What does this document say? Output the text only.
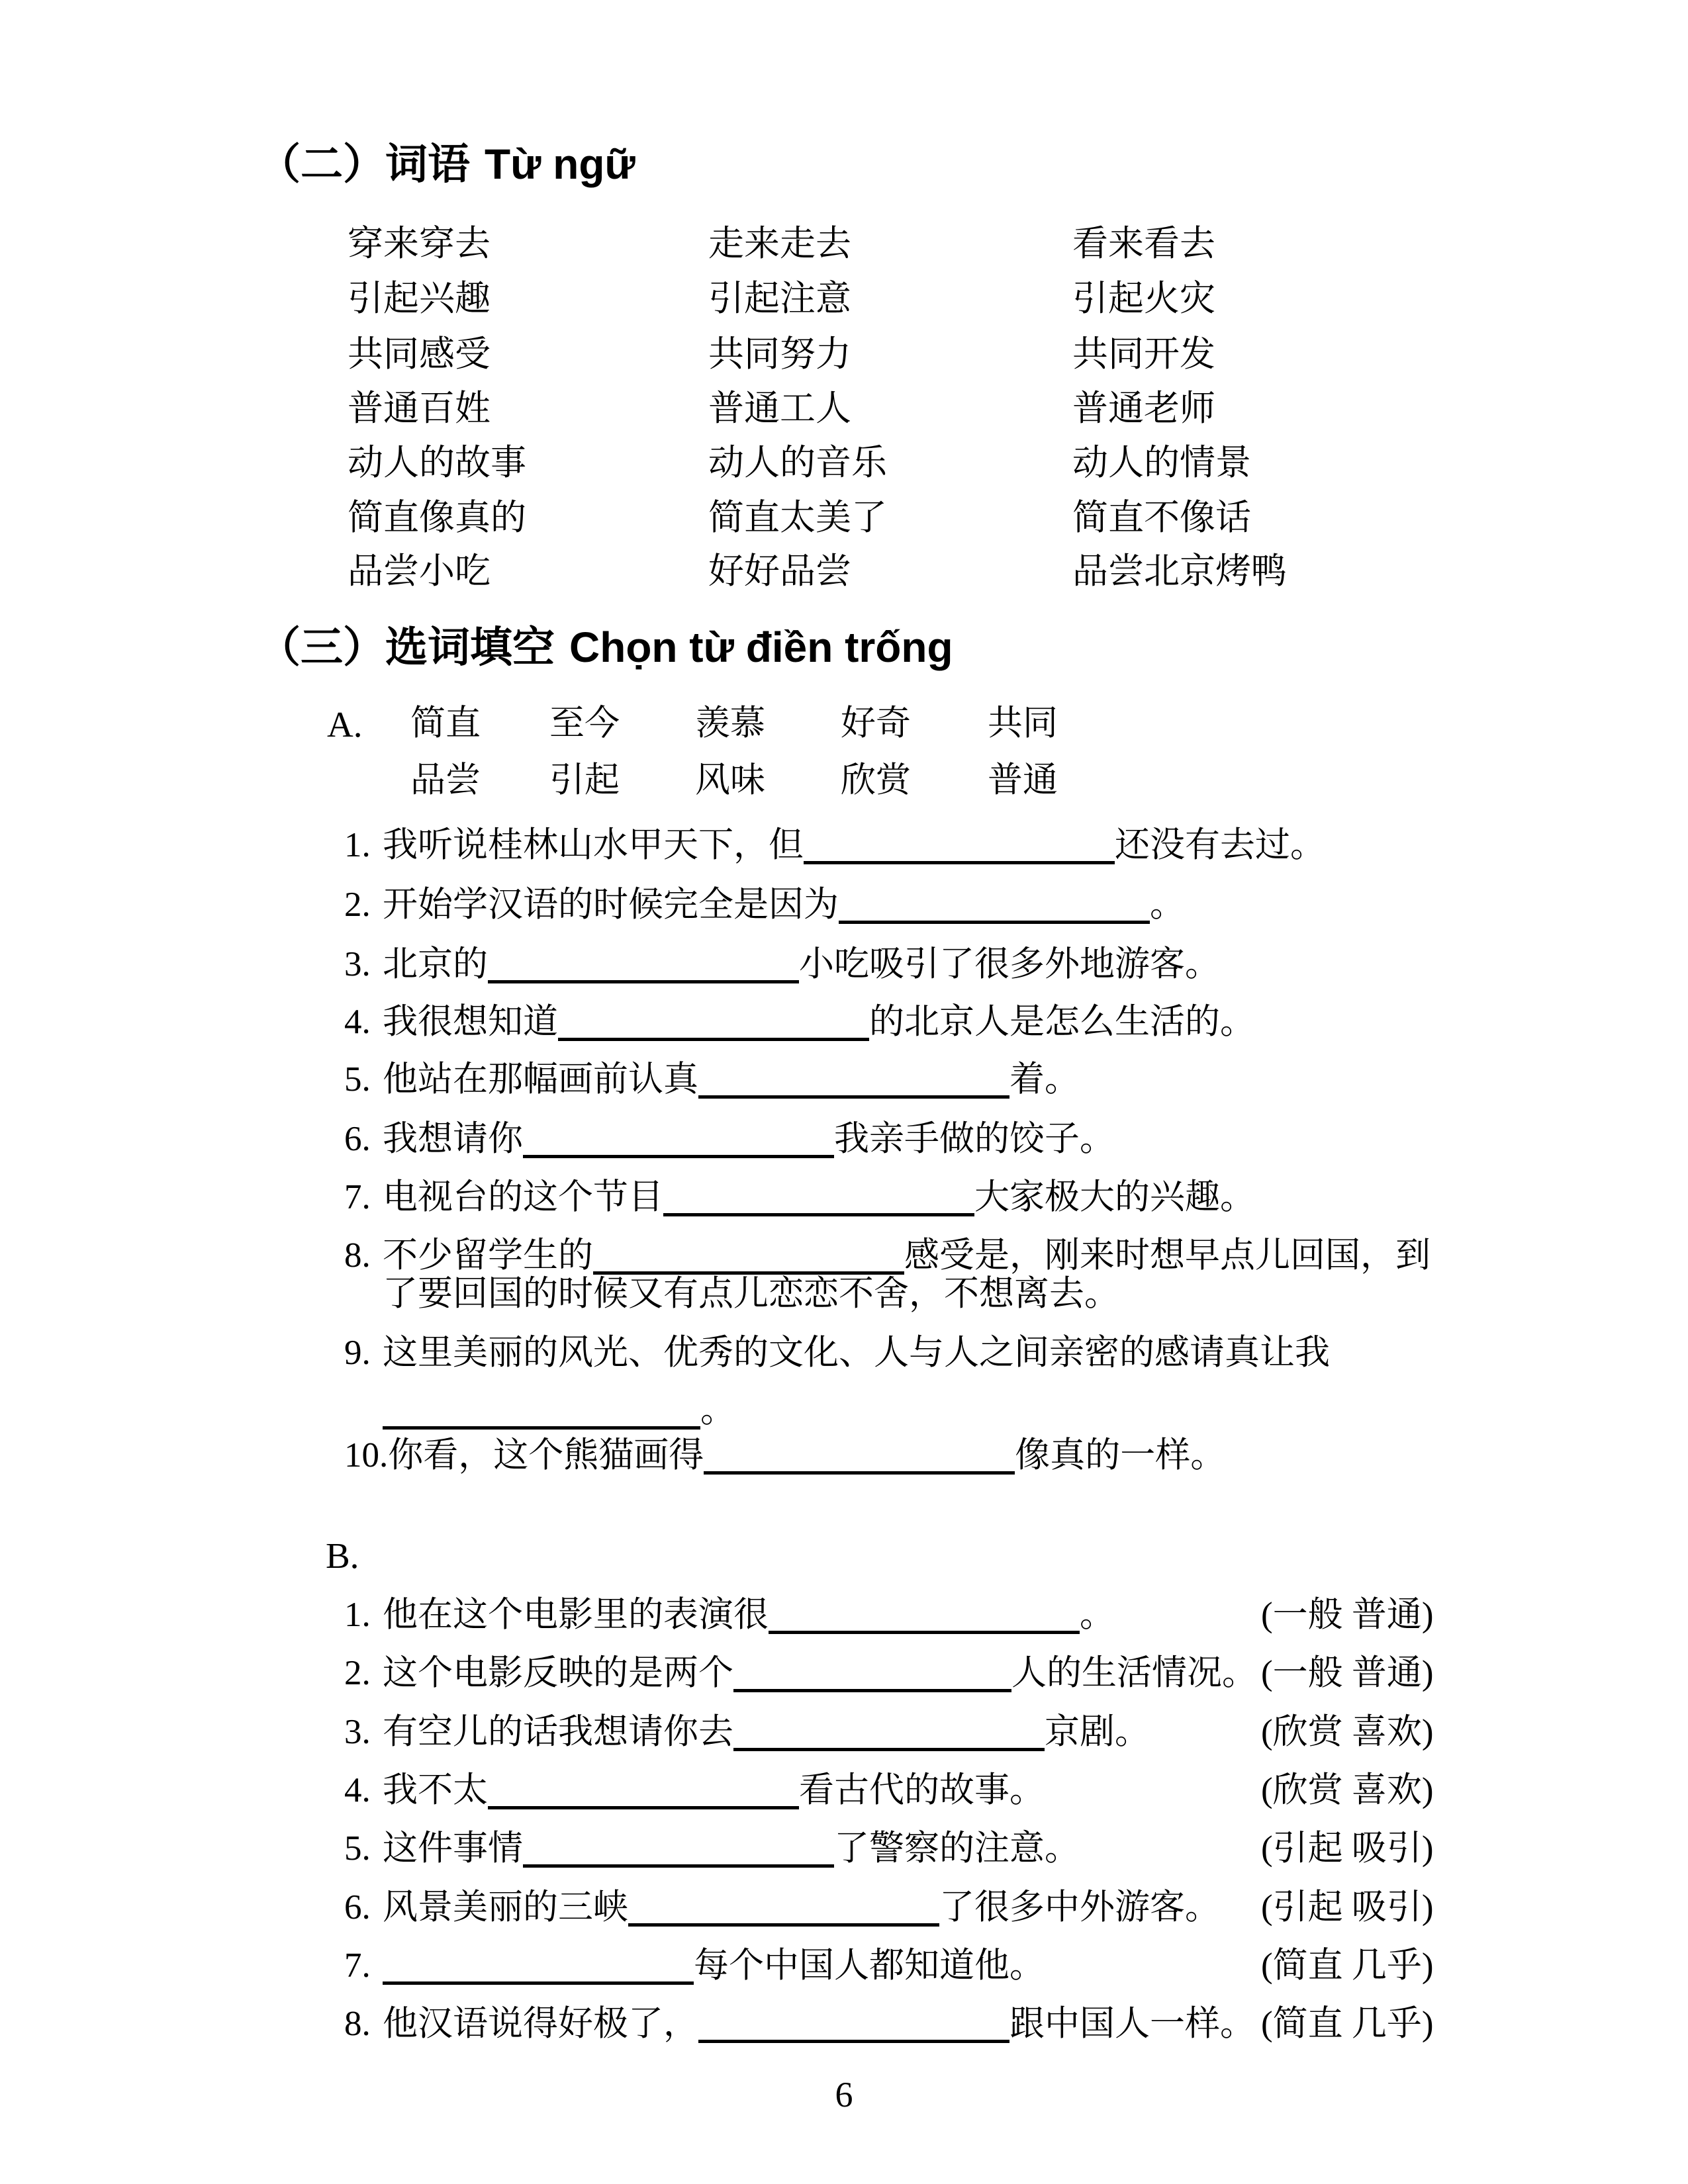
（二）词语 Từ ngữ
穿来穿去	走来走去	看来看去
引起兴趣	引起注意	引起火灾
共同感受	共同努力	共同开发
普通百姓	普通工人	普通老师
动人的故事	动人的音乐	动人的情景
简直像真的	简直太美了	简直不像话
品尝小吃	好好品尝	品尝北京烤鸭
（三）选词填空 Chọn từ điền trống
A. 简直 至今 羡慕 好奇 共同
品尝 引起 风味 欣赏 普通
1. 我听说桂林山水甲天下，但	还没有去过。
2. 开始学汉语的时候完全是因为	。
3. 北京的	小吃吸引了很多外地游客。
4. 我很想知道	的北京人是怎么生活的。
5. 他站在那幅画前认真	着。
6. 我想请你	我亲手做的饺子。
7. 电视台的这个节目	大家极大的兴趣。
8. 不少留学生的	感受是，刚来时想早点儿回国，到
了要回国的时候又有点儿恋恋不舍，不想离去。
9. 这里美丽的风光、优秀的文化、人与人之间亲密的感请真让我
。
10.你看，这个熊猫画得	像真的一样。
B.
1. 他在这个电影里的表演很	。	(一般 普通)
2. 这个电影反映的是两个	人的生活情况。 (一般 普通)
3. 有空儿的话我想请你去	京剧。	(欣赏 喜欢)
4. 我不太	看古代的故事。	(欣赏 喜欢)
5. 这件事情	了警察的注意。	(引起 吸引)
6. 风景美丽的三峡	了很多中外游客。 (引起 吸引)
7.	每个中国人都知道他。	(简直 几乎)
8. 他汉语说得好极了，	跟中国人一样。 (简直 几乎)
6
